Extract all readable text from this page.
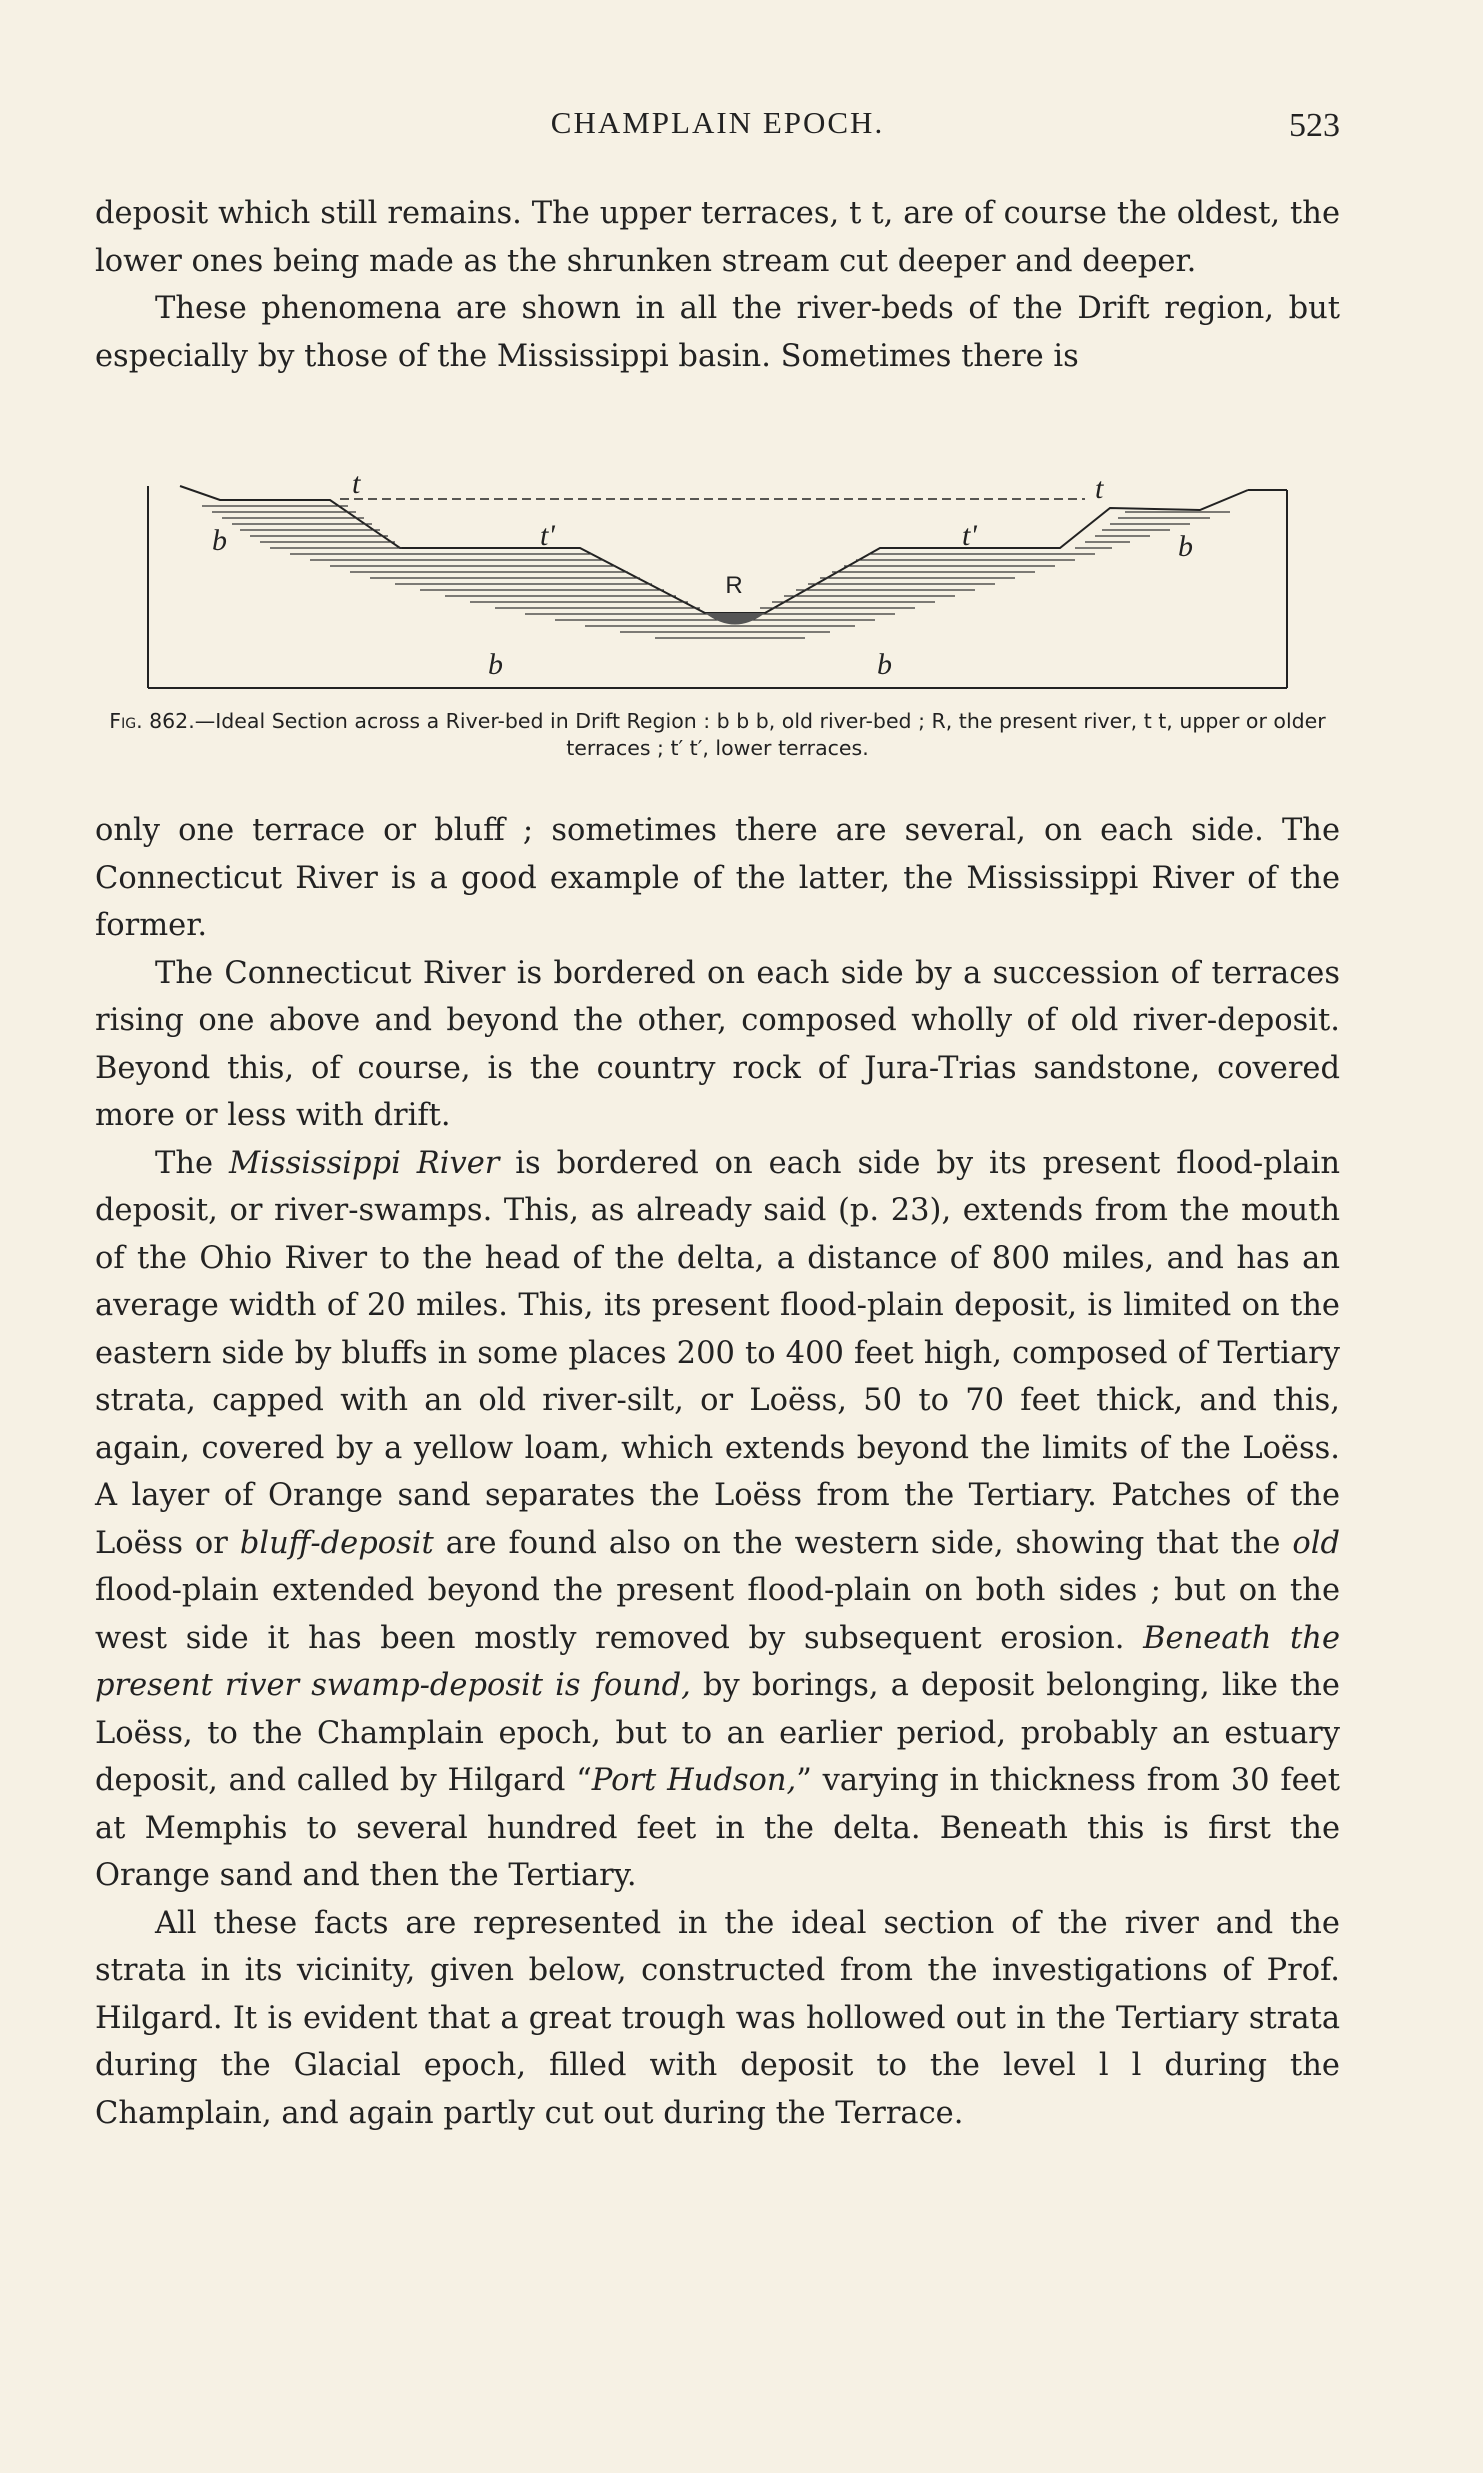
CHAMPLAIN EPOCH.	523

deposit which still remains. The upper terraces, t t, are of course the oldest, the lower ones being made as the shrunken stream cut deeper and deeper.

These phenomena are shown in all the river-beds of the Drift region, but especially by those of the Mississippi basin. Sometimes there is

t	t
t'	t'
b	b
b	b
R
Fig. 862.—Ideal Section across a River-bed in Drift Region : b b b, old river-bed ; R, the present river, t t, upper or older terraces ; t′ t′, lower terraces.

only one terrace or bluff ; sometimes there are several, on each side. The Connecticut River is a good example of the latter, the Mississippi River of the former.

The Connecticut River is bordered on each side by a succession of terraces rising one above and beyond the other, composed wholly of old river-deposit. Beyond this, of course, is the country rock of Jura-Trias sandstone, covered more or less with drift.

The Mississippi River is bordered on each side by its present flood-plain deposit, or river-swamps. This, as already said (p. 23), extends from the mouth of the Ohio River to the head of the delta, a distance of 800 miles, and has an average width of 20 miles. This, its present flood-plain deposit, is limited on the eastern side by bluffs in some places 200 to 400 feet high, composed of Tertiary strata, capped with an old river-silt, or Loëss, 50 to 70 feet thick, and this, again, covered by a yellow loam, which extends beyond the limits of the Loëss. A layer of Orange sand separates the Loëss from the Tertiary. Patches of the Loëss or bluff-deposit are found also on the western side, showing that the old flood-plain extended beyond the present flood-plain on both sides ; but on the west side it has been mostly removed by subsequent erosion. Beneath the present river swamp-deposit is found, by borings, a deposit belonging, like the Loëss, to the Champlain epoch, but to an earlier period, probably an estuary deposit, and called by Hilgard “Port Hudson,” varying in thickness from 30 feet at Memphis to several hundred feet in the delta. Beneath this is first the Orange sand and then the Tertiary.

All these facts are represented in the ideal section of the river and the strata in its vicinity, given below, constructed from the investigations of Prof. Hilgard. It is evident that a great trough was hollowed out in the Tertiary strata during the Glacial epoch, filled with deposit to the level l l during the Champlain, and again partly cut out during the Terrace.
